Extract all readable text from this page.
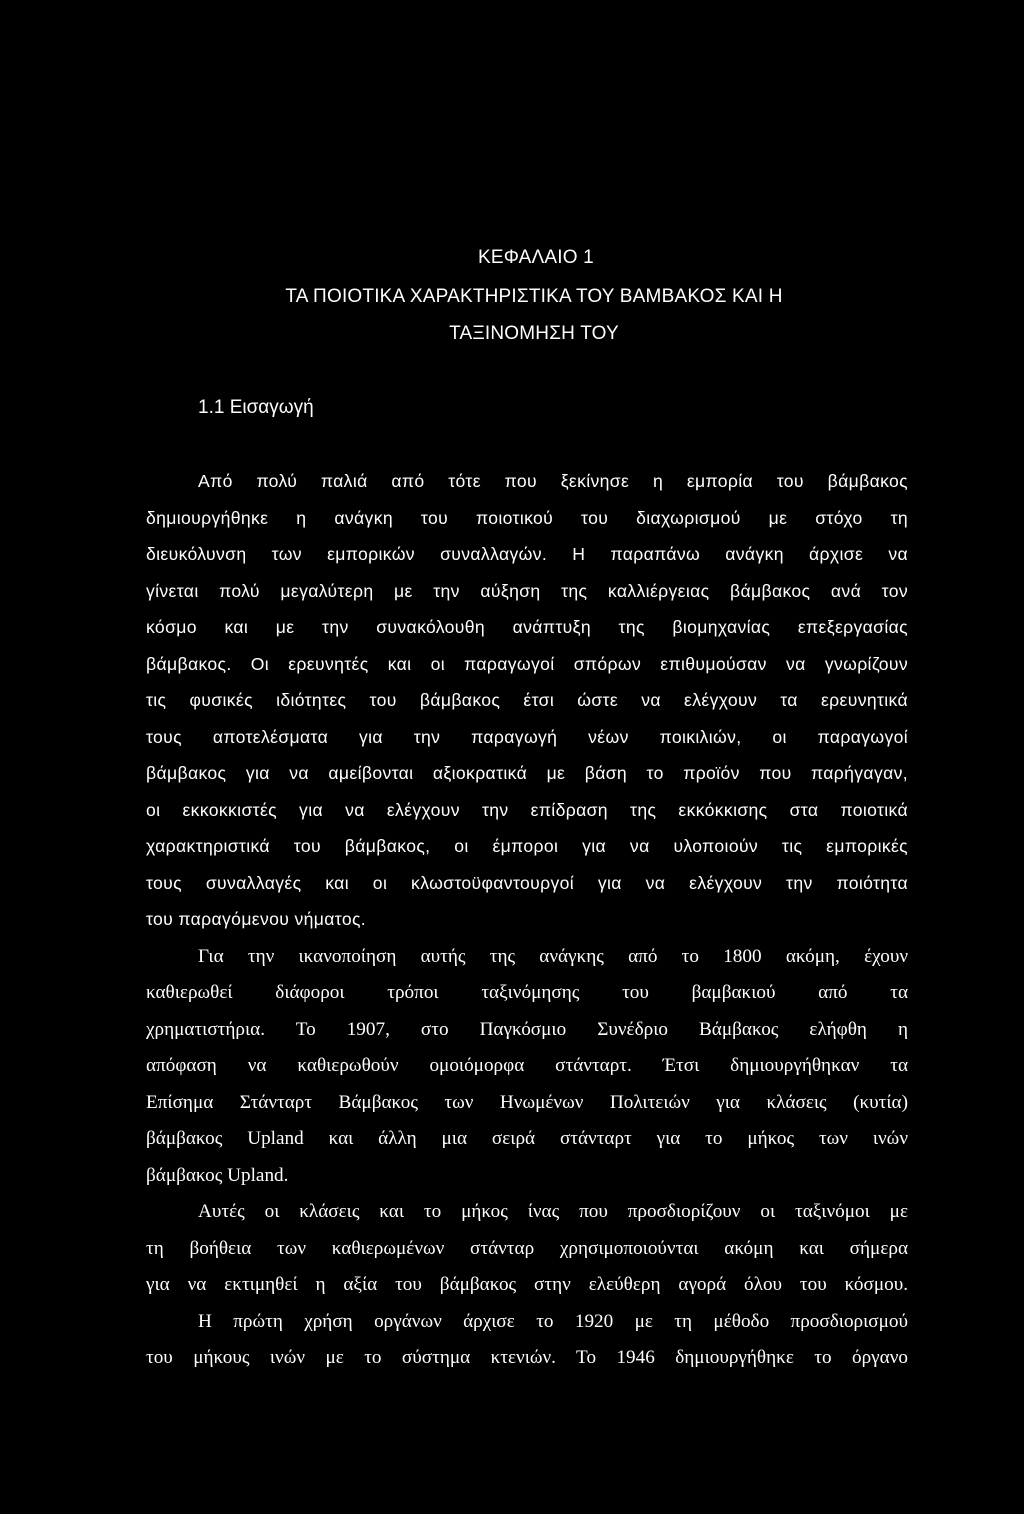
ΚΕΦΑΛΑΙΟ 1
ΤΑ ΠΟΙΟΤΙΚΑ ΧΑΡΑΚΤΗΡΙΣΤΙΚΑ ΤΟΥ ΒΑΜΒΑΚΟΣ ΚΑΙ Η
ΤΑΞΙΝΟΜΗΣΗ ΤΟΥ
1.1 Εισαγωγή
Από πολύ παλιά από τότε που ξεκίνησε η εμπορία του βάμβακος
δημιουργήθηκε η ανάγκη του ποιοτικού του διαχωρισμού με στόχο τη
διευκόλυνση των εμπορικών συναλλαγών. Η παραπάνω ανάγκη άρχισε να
γίνεται πολύ μεγαλύτερη με την αύξηση της καλλιέργειας βάμβακος ανά τον
κόσμο και με την συνακόλουθη ανάπτυξη της βιομηχανίας επεξεργασίας
βάμβακος. Οι ερευνητές και οι παραγωγοί σπόρων επιθυμούσαν να γνωρίζουν
τις φυσικές ιδιότητες του βάμβακος έτσι ώστε να ελέγχουν τα ερευνητικά
τους αποτελέσματα για την παραγωγή νέων ποικιλιών, οι παραγωγοί
βάμβακος για να αμείβονται αξιοκρατικά με βάση το προϊόν που παρήγαγαν,
οι εκκοκκιστές για να ελέγχουν την επίδραση της εκκόκκισης στα ποιοτικά
χαρακτηριστικά του βάμβακος, οι έμποροι για να υλοποιούν τις εμπορικές
τους συναλλαγές και οι κλωστοϋφαντουργοί για να ελέγχουν την ποιότητα
του παραγόμενου νήματος.
Για την ικανοποίηση αυτής της ανάγκης από το 1800 ακόμη, έχουν
καθιερωθεί διάφοροι τρόποι ταξινόμησης του βαμβακιού από τα
χρηματιστήρια. Το 1907, στο Παγκόσμιο Συνέδριο Βάμβακος ελήφθη η
απόφαση να καθιερωθούν ομοιόμορφα στάνταρτ. Έτσι δημιουργήθηκαν τα
Επίσημα Στάνταρτ Βάμβακος των Ηνωμένων Πολιτειών για κλάσεις (κυτία)
βάμβακος Upland και άλλη μια σειρά στάνταρτ για το μήκος των ινών
βάμβακος Upland.
Αυτές οι κλάσεις και το μήκος ίνας που προσδιορίζουν οι ταξινόμοι με
τη βοήθεια των καθιερωμένων στάνταρ χρησιμοποιούνται ακόμη και σήμερα
για να εκτιμηθεί η αξία του βάμβακος στην ελεύθερη αγορά όλου του κόσμου.
Η πρώτη χρήση οργάνων άρχισε το 1920 με τη μέθοδο προσδιορισμού
του μήκους ινών με το σύστημα κτενιών. Το 1946 δημιουργήθηκε το όργανο
